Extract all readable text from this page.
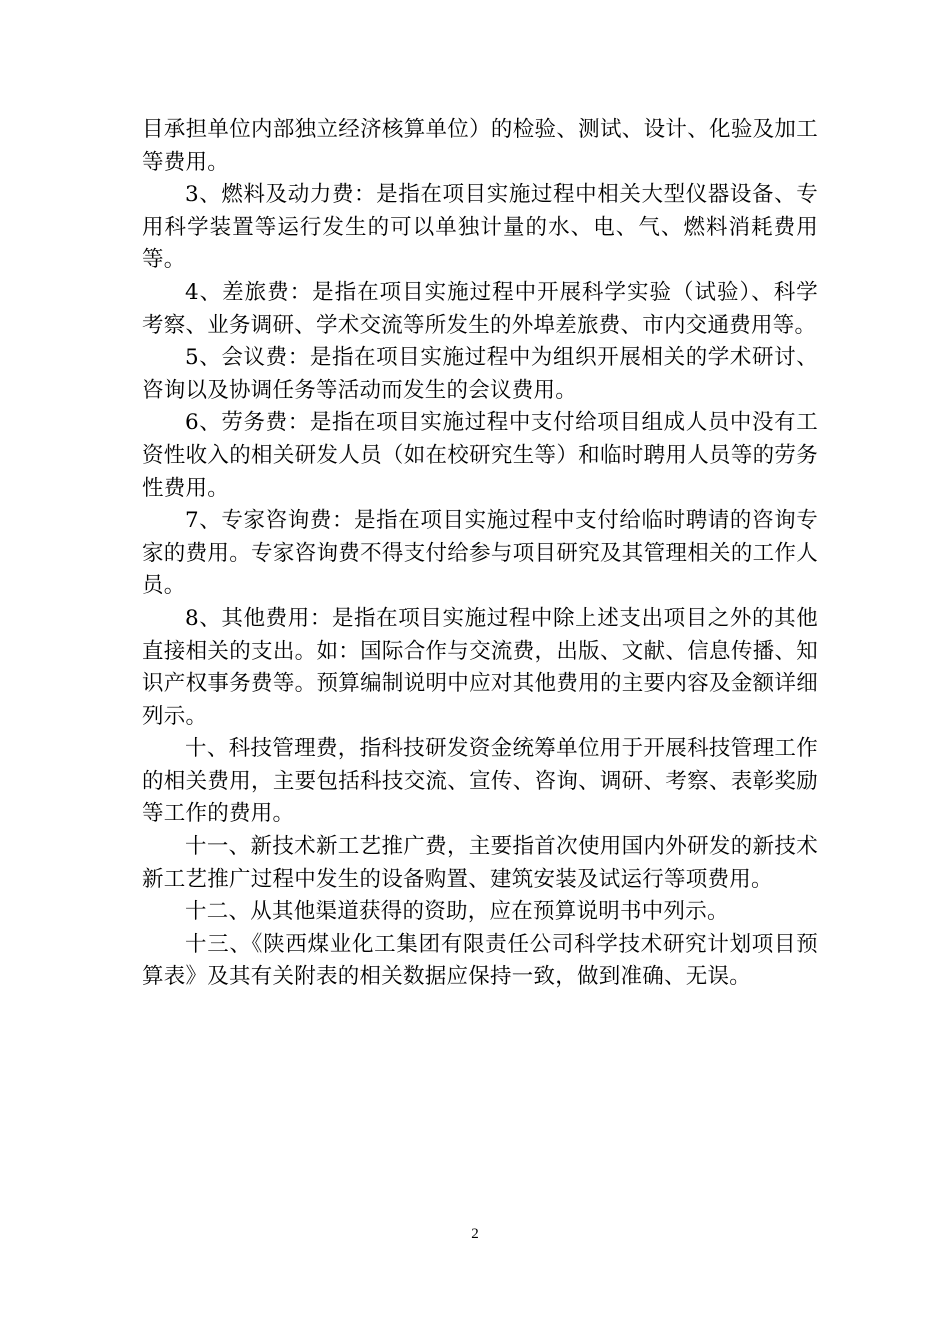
目承担单位内部独立经济核算单位）的检验、测试、设计、化验及加工等费用。

3、燃料及动力费：是指在项目实施过程中相关大型仪器设备、专用科学装置等运行发生的可以单独计量的水、电、气、燃料消耗费用等。

4、差旅费：是指在项目实施过程中开展科学实验（试验）、科学考察、业务调研、学术交流等所发生的外埠差旅费、市内交通费用等。

5、会议费：是指在项目实施过程中为组织开展相关的学术研讨、咨询以及协调任务等活动而发生的会议费用。

6、劳务费：是指在项目实施过程中支付给项目组成人员中没有工资性收入的相关研发人员（如在校研究生等）和临时聘用人员等的劳务性费用。

7、专家咨询费：是指在项目实施过程中支付给临时聘请的咨询专家的费用。专家咨询费不得支付给参与项目研究及其管理相关的工作人员。

8、其他费用：是指在项目实施过程中除上述支出项目之外的其他直接相关的支出。如：国际合作与交流费，出版、文献、信息传播、知识产权事务费等。预算编制说明中应对其他费用的主要内容及金额详细列示。

十、科技管理费，指科技研发资金统筹单位用于开展科技管理工作的相关费用，主要包括科技交流、宣传、咨询、调研、考察、表彰奖励等工作的费用。

十一、新技术新工艺推广费，主要指首次使用国内外研发的新技术新工艺推广过程中发生的设备购置、建筑安装及试运行等项费用。

十二、从其他渠道获得的资助，应在预算说明书中列示。

十三、《陕西煤业化工集团有限责任公司科学技术研究计划项目预算表》及其有关附表的相关数据应保持一致，做到准确、无误。

2
